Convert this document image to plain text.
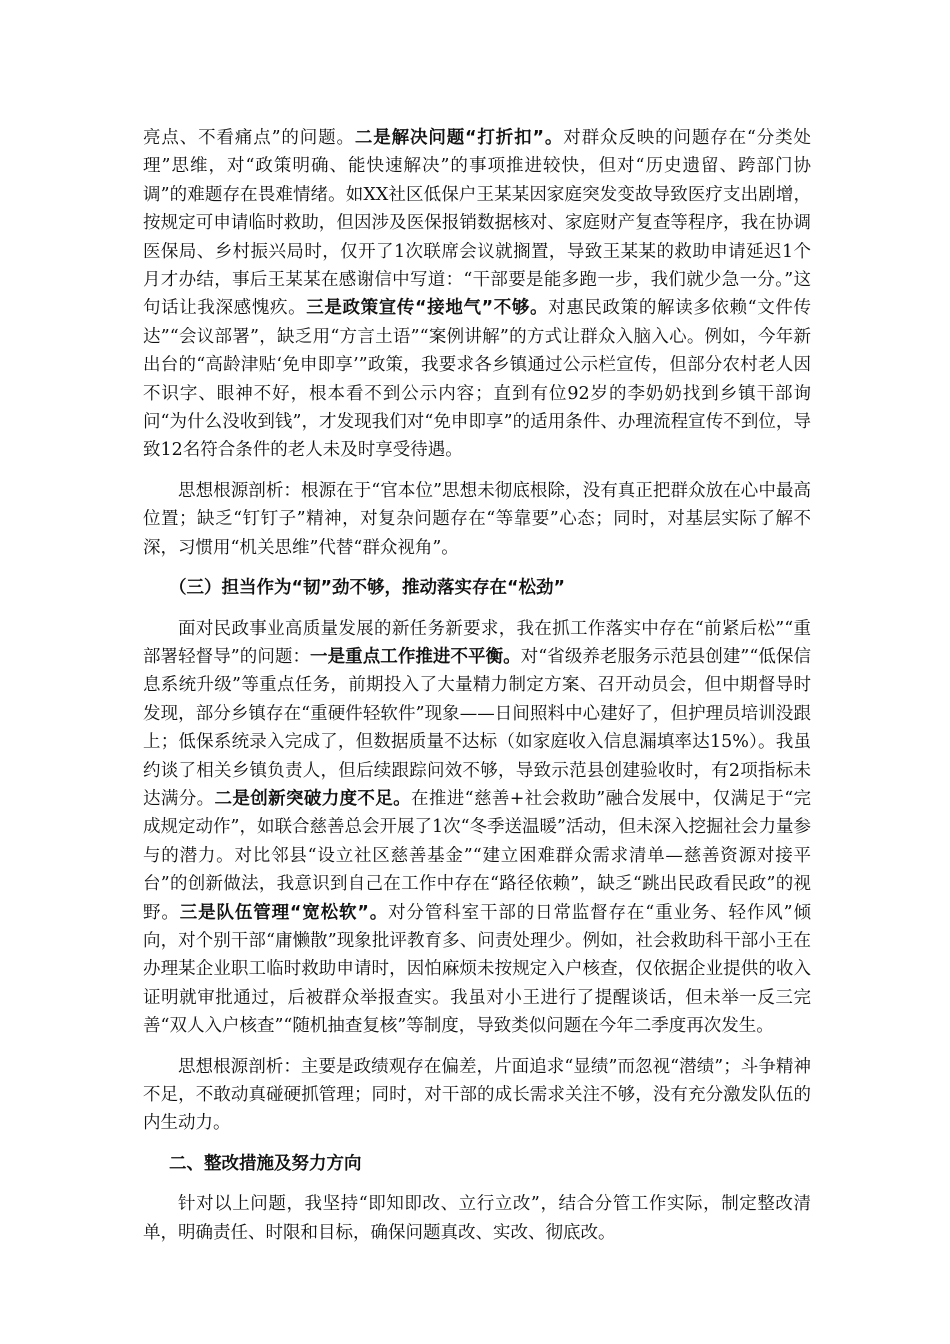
亮点、不看痛点”的问题。二是解决问题“打折扣”。对群众反映的问题存在“分类处理”思维，对“政策明确、能快速解决”的事项推进较快，但对“历史遗留、跨部门协调”的难题存在畏难情绪。如XX社区低保户王某某因家庭突发变故导致医疗支出剧增，按规定可申请临时救助，但因涉及医保报销数据核对、家庭财产复查等程序，我在协调医保局、乡村振兴局时，仅开了1次联席会议就搁置，导致王某某的救助申请延迟1个月才办结，事后王某某在感谢信中写道：“干部要是能多跑一步，我们就少急一分。”这句话让我深感愧疚。三是政策宣传“接地气”不够。对惠民政策的解读多依赖“文件传达”“会议部署”，缺乏用“方言土语”“案例讲解”的方式让群众入脑入心。例如，今年新出台的“高龄津贴‘免申即享’”政策，我要求各乡镇通过公示栏宣传，但部分农村老人因不识字、眼神不好，根本看不到公示内容；直到有位92岁的李奶奶找到乡镇干部询问“为什么没收到钱”，才发现我们对“免申即享”的适用条件、办理流程宣传不到位，导致12名符合条件的老人未及时享受待遇。

思想根源剖析：根源在于“官本位”思想未彻底根除，没有真正把群众放在心中最高位置；缺乏“钉钉子”精神，对复杂问题存在“等靠要”心态；同时，对基层实际了解不深，习惯用“机关思维”代替“群众视角”。

（三）担当作为“韧”劲不够，推动落实存在“松劲”

面对民政事业高质量发展的新任务新要求，我在抓工作落实中存在“前紧后松”“重部署轻督导”的问题：一是重点工作推进不平衡。对“省级养老服务示范县创建”“低保信息系统升级”等重点任务，前期投入了大量精力制定方案、召开动员会，但中期督导时发现，部分乡镇存在“重硬件轻软件”现象——日间照料中心建好了，但护理员培训没跟上；低保系统录入完成了，但数据质量不达标（如家庭收入信息漏填率达15%）。我虽约谈了相关乡镇负责人，但后续跟踪问效不够，导致示范县创建验收时，有2项指标未达满分。二是创新突破力度不足。在推进“慈善+社会救助”融合发展中，仅满足于“完成规定动作”，如联合慈善总会开展了1次“冬季送温暖”活动，但未深入挖掘社会力量参与的潜力。对比邻县“设立社区慈善基金”“建立困难群众需求清单—慈善资源对接平台”的创新做法，我意识到自己在工作中存在“路径依赖”，缺乏“跳出民政看民政”的视野。三是队伍管理“宽松软”。对分管科室干部的日常监督存在“重业务、轻作风”倾向，对个别干部“庸懒散”现象批评教育多、问责处理少。例如，社会救助科干部小王在办理某企业职工临时救助申请时，因怕麻烦未按规定入户核查，仅依据企业提供的收入证明就审批通过，后被群众举报查实。我虽对小王进行了提醒谈话，但未举一反三完善“双人入户核查”“随机抽查复核”等制度，导致类似问题在今年二季度再次发生。

思想根源剖析：主要是政绩观存在偏差，片面追求“显绩”而忽视“潜绩”；斗争精神不足，不敢动真碰硬抓管理；同时，对干部的成长需求关注不够，没有充分激发队伍的内生动力。

二、整改措施及努力方向

针对以上问题，我坚持“即知即改、立行立改”，结合分管工作实际，制定整改清单，明确责任、时限和目标，确保问题真改、实改、彻底改。
